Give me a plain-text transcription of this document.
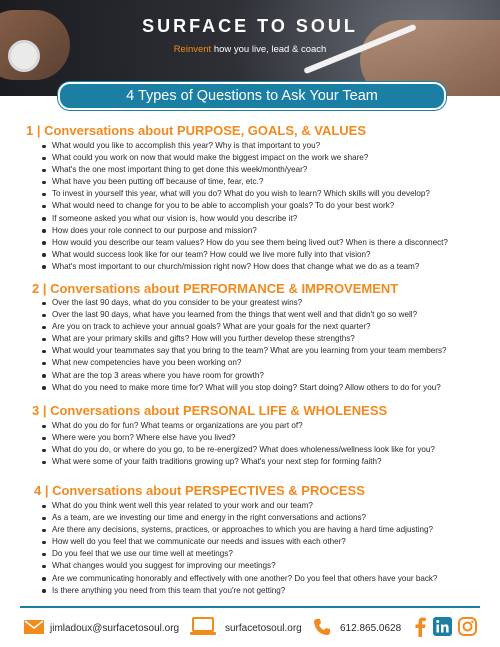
SURFACE TO SOUL
Reinvent how you live, lead & coach
4 Types of Questions to Ask Your Team
1 | Conversations about PURPOSE, GOALS, & VALUES
What would you like to accomplish this year? Why is that important to you?
What could you work on now that would make the biggest impact on the work we share?
What's the one most important thing to get done this week/month/year?
What have you been putting off because of time, fear, etc.?
To invest in yourself this year, what will you do? What do you wish to learn? Which skills will you develop?
What would need to change for you to be able to accomplish your goals? To do your best work?
If someone asked you what our vision is, how would you describe it?
How does your role connect to our purpose and mission?
How would you describe our team values? How do you see them being lived out? When is there a disconnect?
What would success look like for our team? How could we live more fully into that vision?
What's most important to our church/mission right now? How does that change what we do as a team?
2 | Conversations about PERFORMANCE & IMPROVEMENT
Over the last 90 days, what do you consider to be your greatest wins?
Over the last 90 days, what have you learned from the things that went well and that didn't go so well?
Are you on track to achieve your annual goals? What are your goals for the next quarter?
What are your primary skills and gifts? How will you further develop these strengths?
What would your teammates say that you bring to the team? What are you learning from your team members?
What new competencies have you been working on?
What are the top 3 areas where you have room for growth?
What do you need to make more time for? What will you stop doing? Start doing? Allow others to do for you?
3 | Conversations about PERSONAL LIFE & WHOLENESS
What do you do for fun? What teams or organizations are you part of?
Where were you born? Where else have you lived?
What do you do, or where do you go, to be re-energized? What does wholeness/wellness look like for you?
What were some of your faith traditions growing up? What's your next step for forming faith?
4 | Conversations about PERSPECTIVES & PROCESS
What do you think went well this year related to your work and our team?
As a team, are we investing our time and energy in the right conversations and actions?
Are there any decisions, systems, practices, or approaches to which you are having a hard time adjusting?
How well do you feel that we communicate our needs and issues with each other?
Do you feel that we use our time well at meetings?
What changes would you suggest for improving our meetings?
Are we communicating honorably and effectively with one another? Do you feel that others have your back?
Is there anything you need from this team that you're not getting?
jimladoux@surfacetosoul.org	surfacetosoul.org	612.865.0628
